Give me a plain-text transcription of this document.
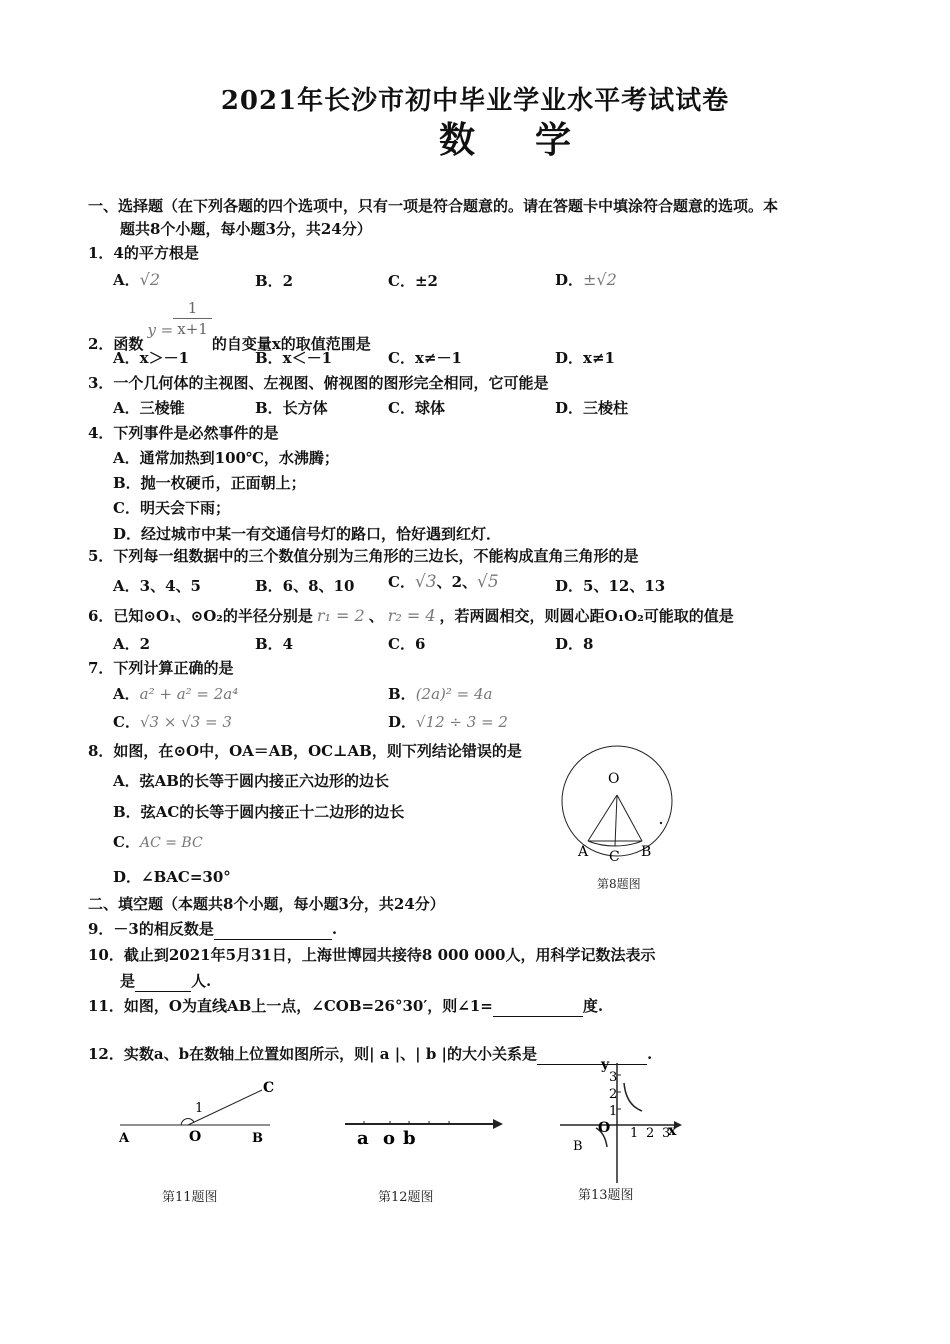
2021年长沙市初中毕业学业水平考试试卷
数学
一、选择题（在下列各题的四个选项中，只有一项是符合题意的。请在答题卡中填涂符合题意的选项。本
题共8个小题，每小题3分，共24分）
1．4的平方根是
A．√2	B．2	C．±2	D．±√2
2．函数$y = \frac{1}{x+1}$
的自变量x的取值范围是
A．x＞－1	B．x＜－1	C．x≠－1	D．x≠1
3．一个几何体的主视图、左视图、俯视图的图形完全相同，它可能是
A．三棱锥	B．长方体	C．球体	D．三棱柱
4．下列事件是必然事件的是
A．通常加热到100℃，水沸腾；
B．抛一枚硬币，正面朝上；
C．明天会下雨；
D．经过城市中某一有交通信号灯的路口，恰好遇到红灯．
5．下列每一组数据中的三个数值分别为三角形的三边长，不能构成直角三角形的是
A．3、4、5	B．6、8、10 C．√3、2、√5	D．5、12、13
6．已知⊙O₁、⊙O₂的半径分别是 r₁ = 2 、 r₂ = 4 ，若两圆相交，则圆心距O₁O₂可能取的值是
A．2	B．4	C．6	D．8
7．下列计算正确的是
A．a² + a² = 2a⁴	B．(2a)² = 4a
C．√3 × √3 = 3	D．√12 ÷ 3 = 2
8．如图，在⊙O中，OA＝AB，OC⊥AB，则下列结论错误的是
A．弦AB的长等于圆内接正六边形的边长
B．弦AC的长等于圆内接正十二边形的边长
C．AC = BC
D．∠BAC=30°
O
A C B
第8题图
二、填空题（本题共8个小题，每小题3分，共24分）
9．－3的相反数是	.
10．截止到2021年5月31日，上海世博园共接待8 000 000人，用科学记数法表示
是	人.
11．如图，O为直线AB上一点，∠COB=26°30′，则∠1=	度.
12．实数a、b在数轴上位置如图所示，则| a |、| b |的大小关系是	.
1
C
A	O	B
第11题图
a o b
第12题图
y
3
2
1
O 1 2 3
x
B
第13题图
